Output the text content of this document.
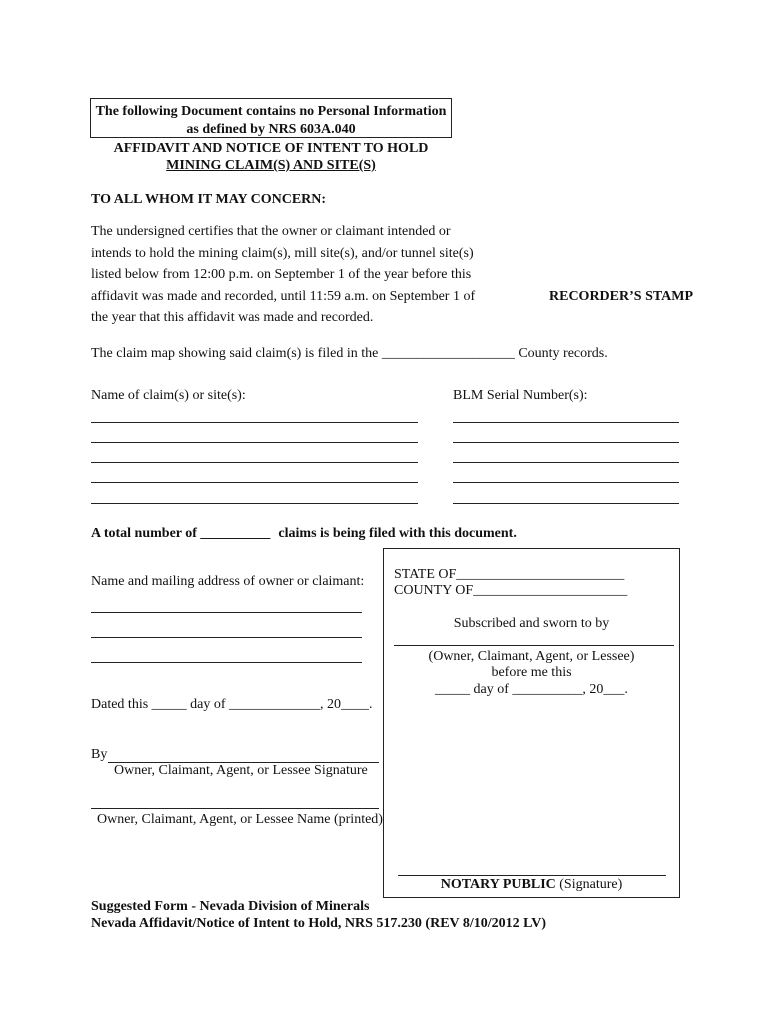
The following Document contains no Personal Information
as defined by NRS 603A.040
AFFIDAVIT AND NOTICE OF INTENT TO HOLD
MINING CLAIM(S) AND SITE(S)
TO ALL WHOM IT MAY CONCERN:
The undersigned certifies that the owner or claimant intended or
intends to hold the mining claim(s), mill site(s), and/or tunnel site(s)
listed below from 12:00 p.m. on September 1 of the year before this
affidavit was made and recorded, until 11:59 a.m. on September 1 of
the year that this affidavit was made and recorded.
RECORDER’S STAMP
The claim map showing said claim(s) is filed in the ___________________ County records.
Name of claim(s) or site(s):	BLM Serial Number(s):
A total number of __________ claims is being filed with this document.
Name and mailing address of owner or claimant:
Dated this _____ day of _____________, 20____.
By
Owner, Claimant, Agent, or Lessee Signature
Owner, Claimant, Agent, or Lessee Name (printed)
STATE OF________________________
COUNTY OF______________________
Subscribed and sworn to by
(Owner, Claimant, Agent, or Lessee)
before me this
_____ day of __________, 20___.
NOTARY PUBLIC (Signature)
Suggested Form - Nevada Division of Minerals
Nevada Affidavit/Notice of Intent to Hold, NRS 517.230 (REV 8/10/2012 LV)
